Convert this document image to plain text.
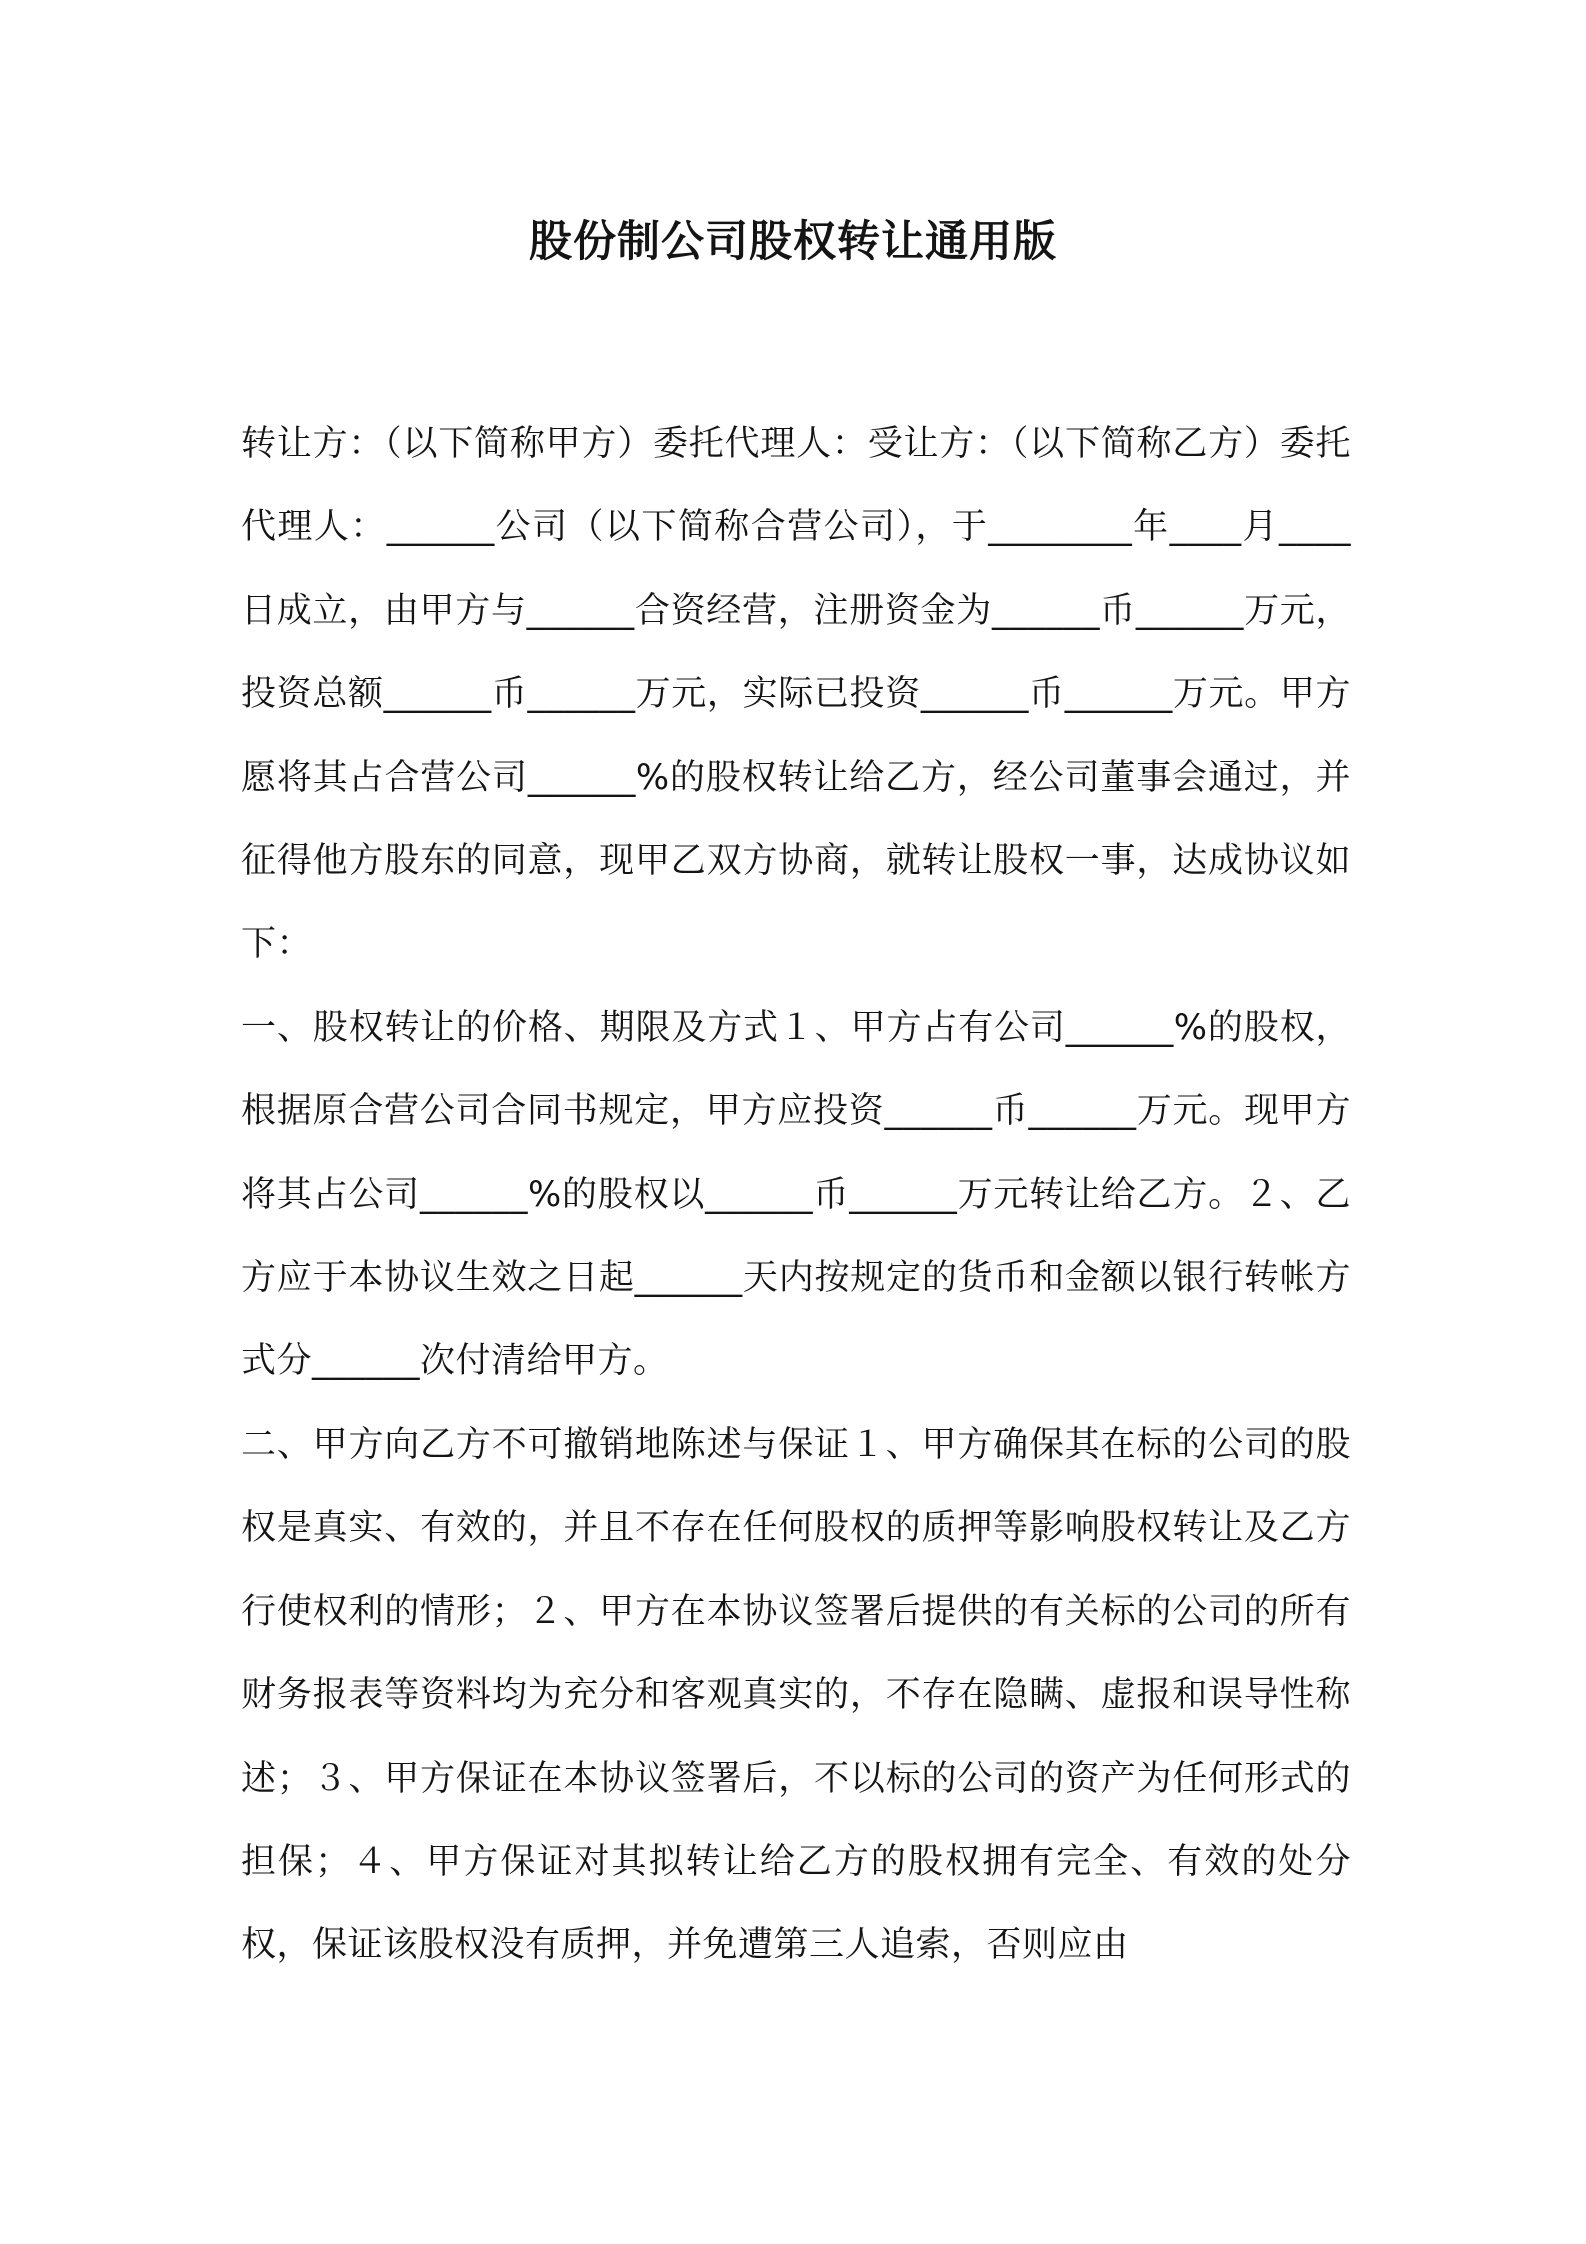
股份制公司股权转让通用版

转让方：（以下简称甲方）委托代理人：受让方：（以下简称乙方）委托代理人：______公司（以下简称合营公司），于________年____月____日成立，由甲方与______合资经营，注册资金为______币______万元，投资总额______币______万元，实际已投资______币______万元。甲方愿将其占合营公司______%的股权转让给乙方，经公司董事会通过，并征得他方股东的同意，现甲乙双方协商，就转让股权一事，达成协议如下：

一、股权转让的价格、期限及方式１、甲方占有公司______%的股权，根据原合营公司合同书规定，甲方应投资______币______万元。现甲方将其占公司______%的股权以______币______万元转让给乙方。２、乙方应于本协议生效之日起______天内按规定的货币和金额以银行转帐方式分______次付清给甲方。

二、甲方向乙方不可撤销地陈述与保证１、甲方确保其在标的公司的股权是真实、有效的，并且不存在任何股权的质押等影响股权转让及乙方行使权利的情形；２、甲方在本协议签署后提供的有关标的公司的所有财务报表等资料均为充分和客观真实的，不存在隐瞒、虚报和误导性称述；３、甲方保证在本协议签署后，不以标的公司的资产为任何形式的担保；４、甲方保证对其拟转让给乙方的股权拥有完全、有效的处分权，保证该股权没有质押，并免遭第三人追索，否则应由
